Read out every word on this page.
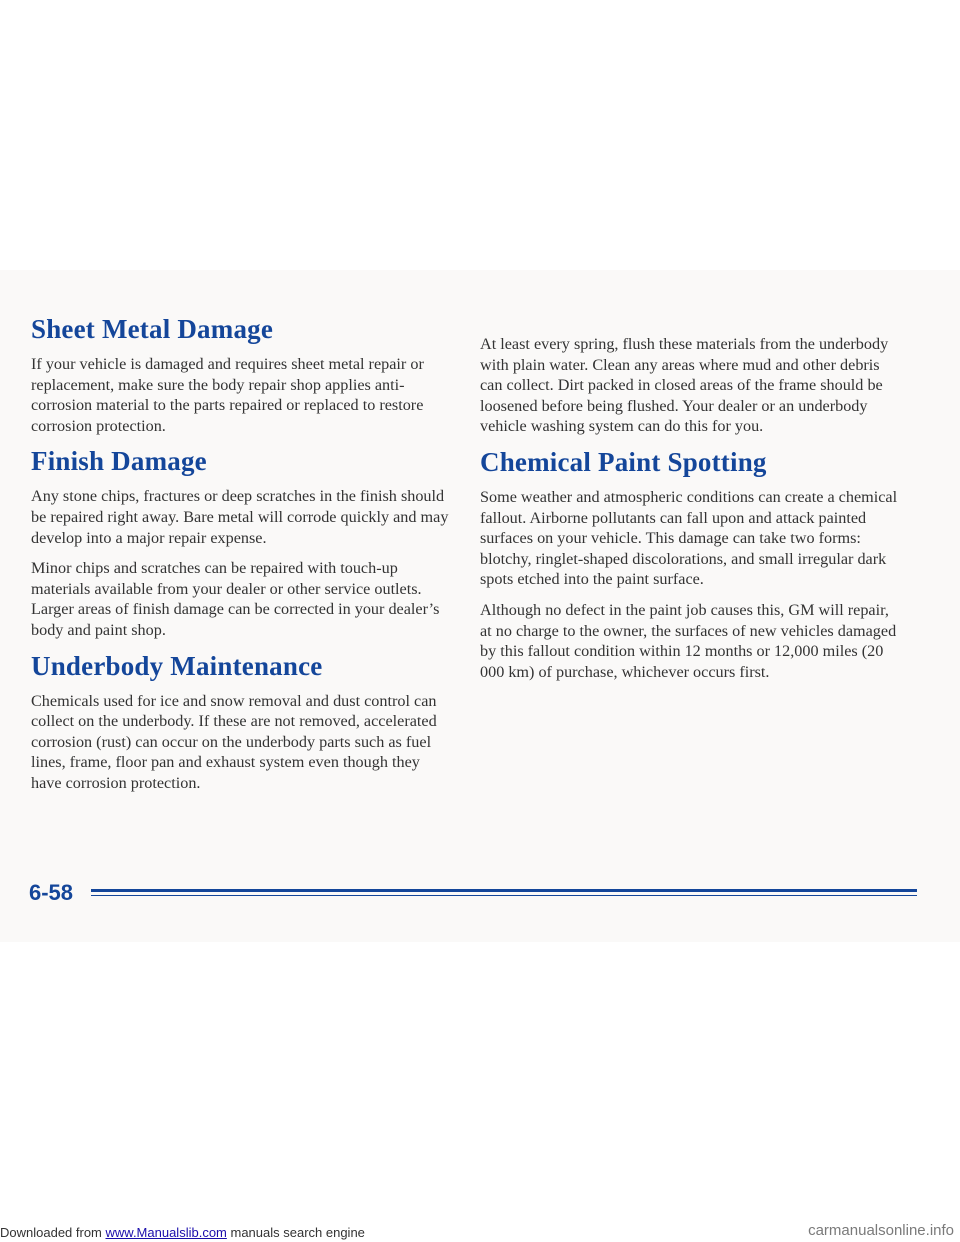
Sheet Metal Damage

If your vehicle is damaged and requires sheet metal repair or replacement, make sure the body repair shop applies anti-corrosion material to the parts repaired or replaced to restore corrosion protection.

Finish Damage

Any stone chips, fractures or deep scratches in the finish should be repaired right away. Bare metal will corrode quickly and may develop into a major repair expense.

Minor chips and scratches can be repaired with touch-up materials available from your dealer or other service outlets. Larger areas of finish damage can be corrected in your dealer’s body and paint shop.

Underbody Maintenance

Chemicals used for ice and snow removal and dust control can collect on the underbody. If these are not removed, accelerated corrosion (rust) can occur on the underbody parts such as fuel lines, frame, floor pan and exhaust system even though they have corrosion protection.

At least every spring, flush these materials from the underbody with plain water. Clean any areas where mud and other debris can collect. Dirt packed in closed areas of the frame should be loosened before being flushed. Your dealer or an underbody vehicle washing system can do this for you.

Chemical Paint Spotting

Some weather and atmospheric conditions can create a chemical fallout. Airborne pollutants can fall upon and attack painted surfaces on your vehicle. This damage can take two forms: blotchy, ringlet-shaped discolorations, and small irregular dark spots etched into the paint surface.

Although no defect in the paint job causes this, GM will repair, at no charge to the owner, the surfaces of new vehicles damaged by this fallout condition within 12 months or 12,000 miles (20 000 km) of purchase, whichever occurs first.

6-58
Downloaded from www.Manualslib.com manuals search engine	carmanualsonline.info
